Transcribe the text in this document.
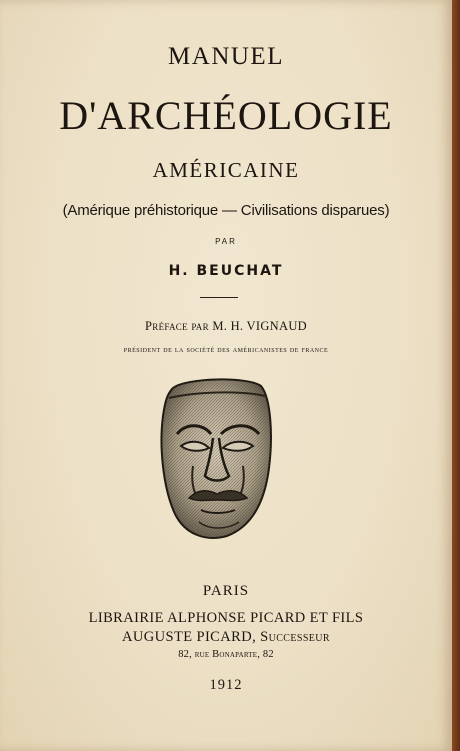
MANUEL
D'ARCHÉOLOGIE
AMÉRICAINE
(Amérique préhistorique — Civilisations disparues)
PAR
H. BEUCHAT
Préface par M. H. VIGNAUD
président de la société des américanistes de france
PARIS
LIBRAIRIE ALPHONSE PICARD ET FILS
AUGUSTE PICARD, Successeur
82, rue Bonaparte, 82
1912
